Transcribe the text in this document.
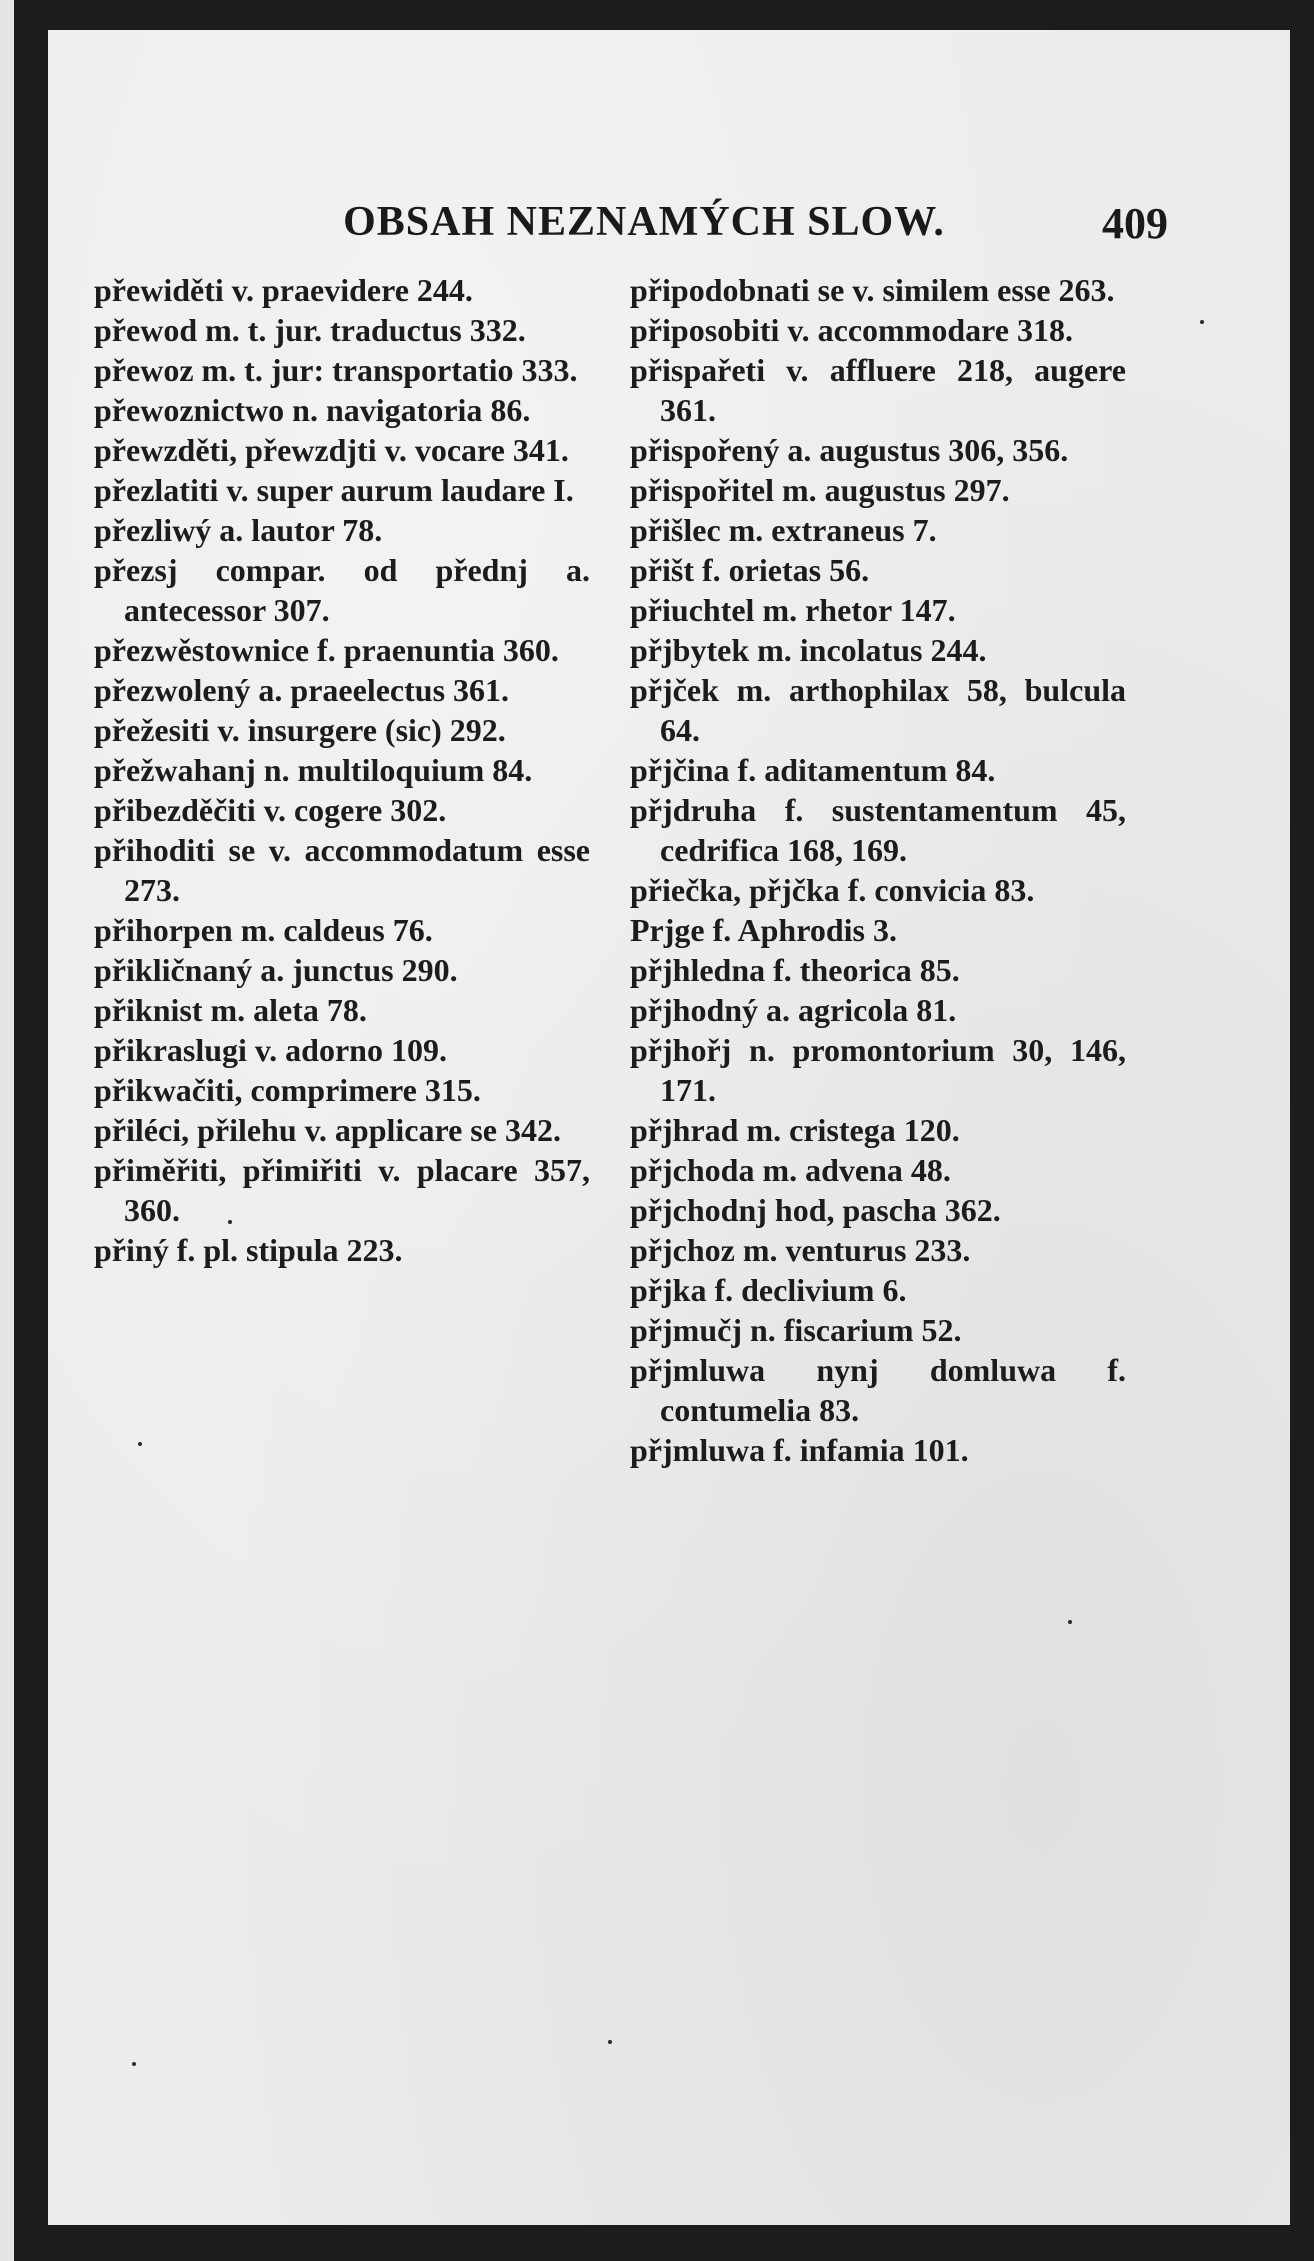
OBSAH NEZNAMÝCH SLOW.	409
přewiděti v. praevidere 244.
přewod m. t. jur. traductus 332.
přewoz m. t. jur: transportatio 333.
přewoznictwo n. navigatoria 86.
přewzděti, přewzdjti v. vocare 341.
přezlatiti v. super aurum laudare I.
přezliwý a. lautor 78.
přezsj compar. od přednj a. antecessor 307.
přezwěstownice f. praenuntia 360.
přezwolený a. praeelectus 361.
přežesiti v. insurgere (sic) 292.
přežwahanj n. multiloquium 84.
přibezděčiti v. cogere 302.
přihoditi se v. accommodatum esse 273.
přihorpen m. caldeus 76.
přikličnaný a. junctus 290.
přiknist m. aleta 78.
přikraslugi v. adorno 109.
přikwačiti, comprimere 315.
přiléci, přilehu v. applicare se 342.
přiměřiti, přimiřiti v. placare 357, 360.
přiný f. pl. stipula 223.
připodobnati se v. similem esse 263.
připosobiti v. accommodare 318.
přispařeti v. affluere 218, augere 361.
přispořený a. augustus 306, 356.
přispořitel m. augustus 297.
přišlec m. extraneus 7.
přišt f. orietas 56.
přiuchtel m. rhetor 147.
přjbytek m. incolatus 244.
přjček m. arthophilax 58, bulcula 64.
přjčina f. aditamentum 84.
přjdruha f. sustentamentum 45, cedrifica 168, 169.
přiečka, přjčka f. convicia 83.
Prjge f. Aphrodis 3.
přjhledna f. theorica 85.
přjhodný a. agricola 81.
přjhořj n. promontorium 30, 146, 171.
přjhrad m. cristega 120.
přjchoda m. advena 48.
přjchodnj hod, pascha 362.
přjchoz m. venturus 233.
přjka f. declivium 6.
přjmučj n. fiscarium 52.
přjmluwa nynj domluwa f. contumelia 83.
přjmluwa f. infamia 101.
